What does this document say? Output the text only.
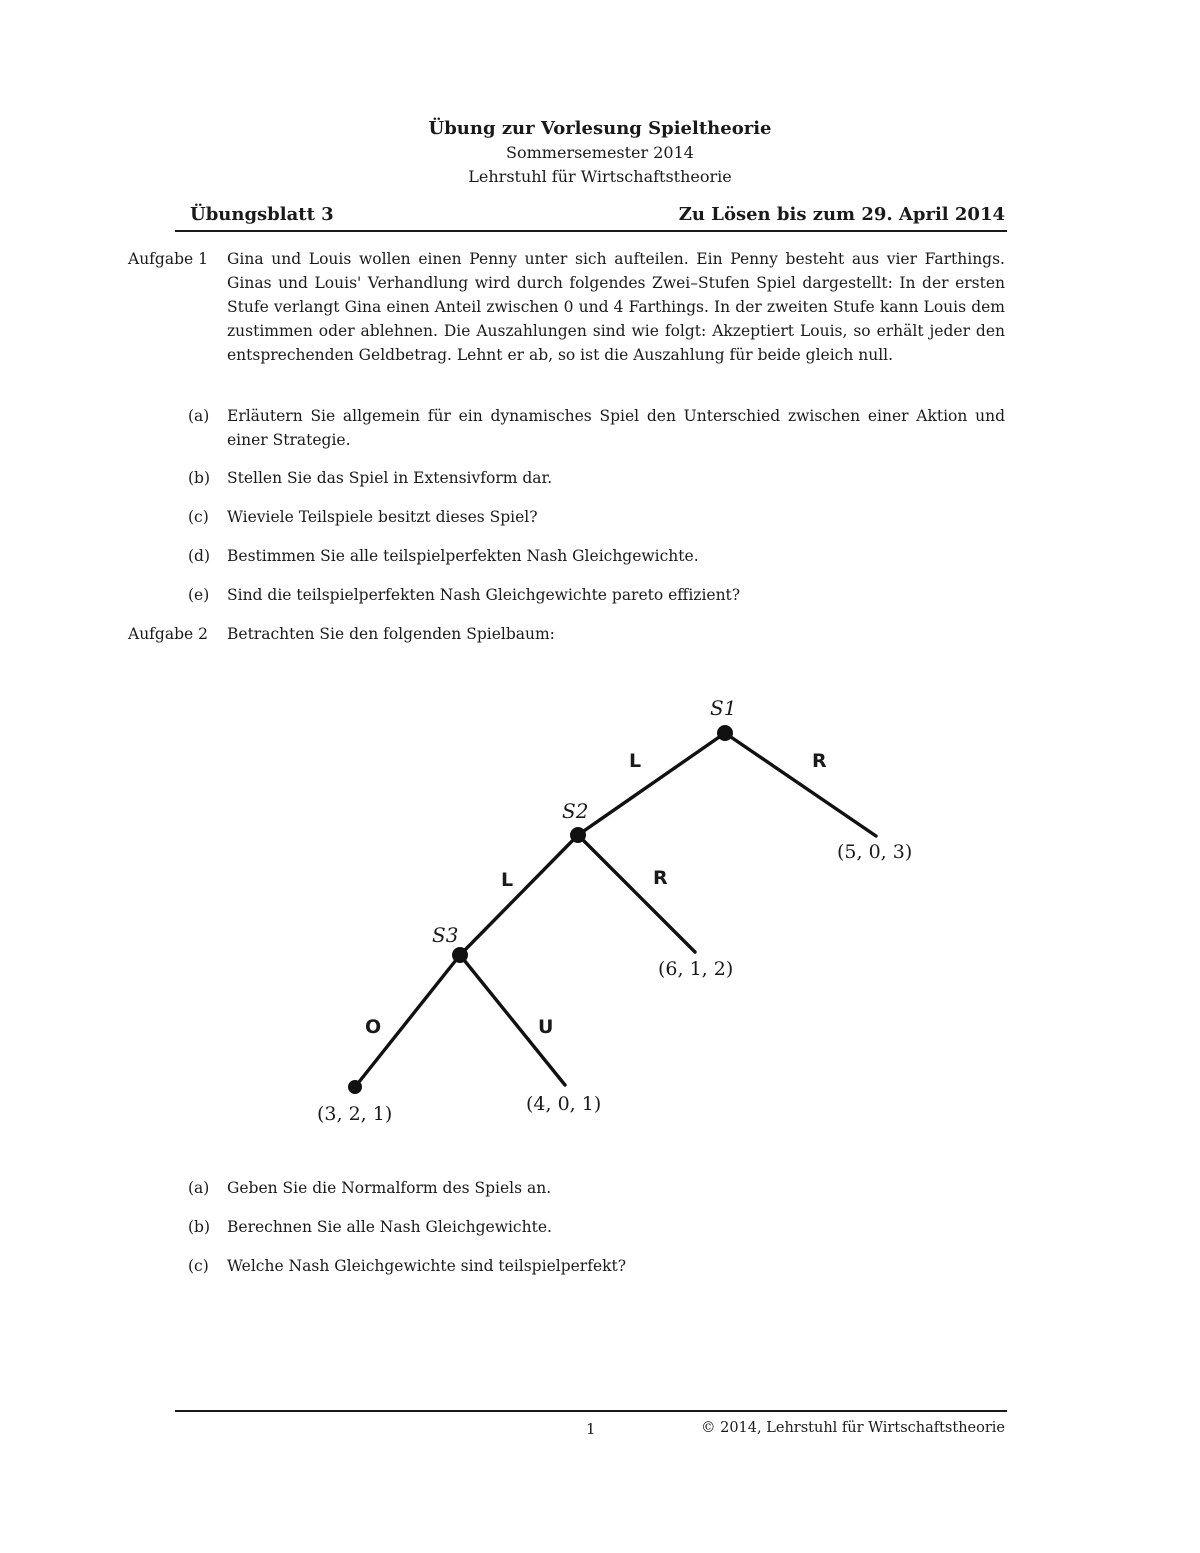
Übung zur Vorlesung Spieltheorie
Sommersemester 2014
Lehrstuhl für Wirtschaftstheorie
Übungsblatt 3	Zu Lösen bis zum 29. April 2014
Aufgabe 1 Gina und Louis wollen einen Penny unter sich aufteilen. Ein Penny besteht aus vier Farthings. Ginas und Louis' Verhandlung wird durch folgendes Zwei–Stufen Spiel dargestellt: In der ersten Stufe verlangt Gina einen Anteil zwischen 0 und 4 Farthings. In der zweiten Stufe kann Louis dem zustimmen oder ablehnen. Die Auszahlungen sind wie folgt: Akzeptiert Louis, so erhält jeder den entsprechenden Geldbetrag. Lehnt er ab, so ist die Auszahlung für beide gleich null.
(a)	Erläutern Sie allgemein für ein dynamisches Spiel den Unterschied zwischen einer Aktion und einer Strategie.
(b)	Stellen Sie das Spiel in Extensivform dar.
(c)	Wieviele Teilspiele besitzt dieses Spiel?
(d)	Bestimmen Sie alle teilspielperfekten Nash Gleichgewichte.
(e)	Sind die teilspielperfekten Nash Gleichgewichte pareto effizient?
Aufgabe 2 Betrachten Sie den folgenden Spielbaum:
S1
S2
S3
L	R
L	R
O	U
(5, 0, 3)
(6, 1, 2)
(3, 2, 1)	(4, 0, 1)
(a)	Geben Sie die Normalform des Spiels an.
(b)	Berechnen Sie alle Nash Gleichgewichte.
(c)	Welche Nash Gleichgewichte sind teilspielperfekt?
1	© 2014, Lehrstuhl für Wirtschaftstheorie
